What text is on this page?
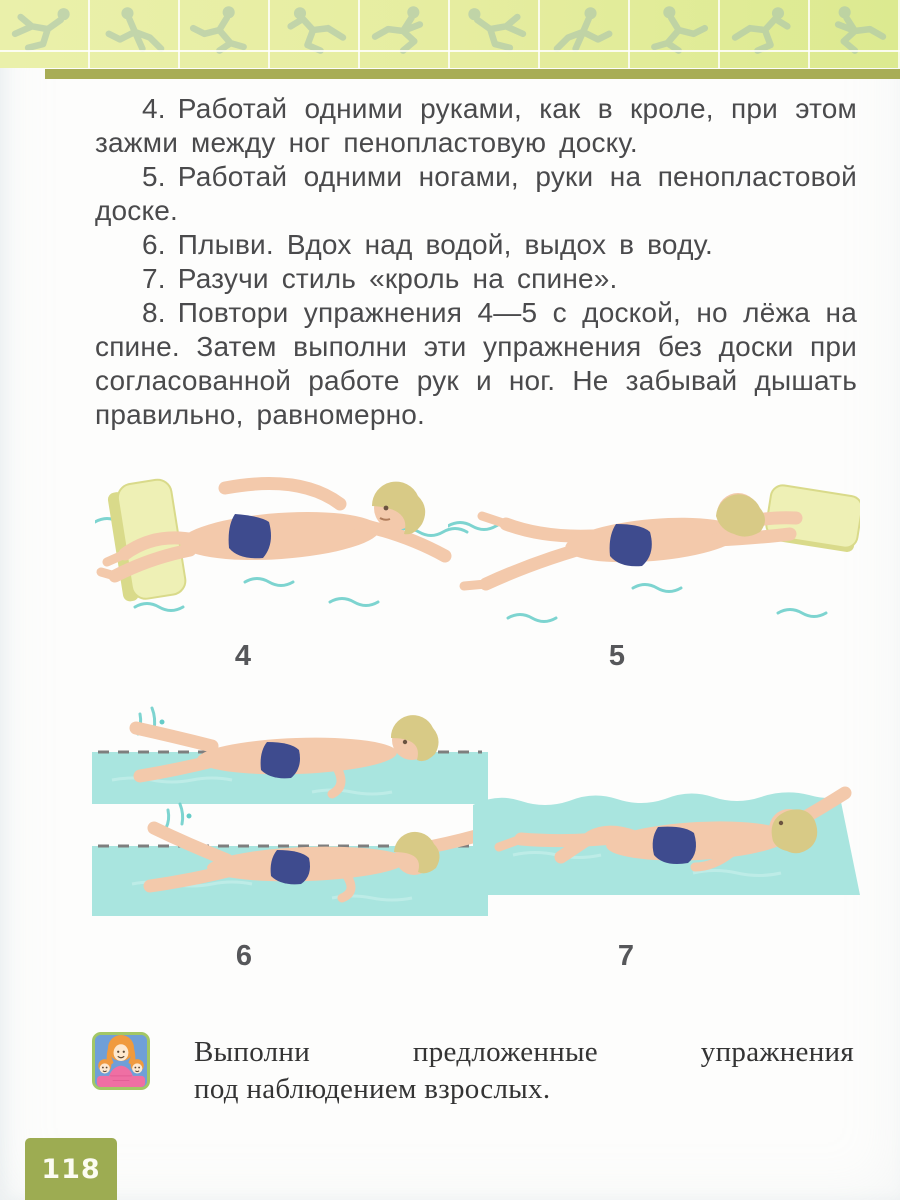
4. Работай одними руками, как в кроле, при этом зажми между ног пенопластовую доску.

5. Работай одними ногами, руки на пенопластовой доске.

6. Плыви. Вдох над водой, выдох в воду.

7. Разучи стиль «кроль на спине».

8. Повтори упражнения 4—5 с доской, но лёжа на спине. Затем выполни эти упражнения без доски при согласованной работе рук и ног. Не забывай дышать правильно, равномерно.

4	5
6	7
Выполни предложенные упражнения
под наблюдением взрослых.
118
